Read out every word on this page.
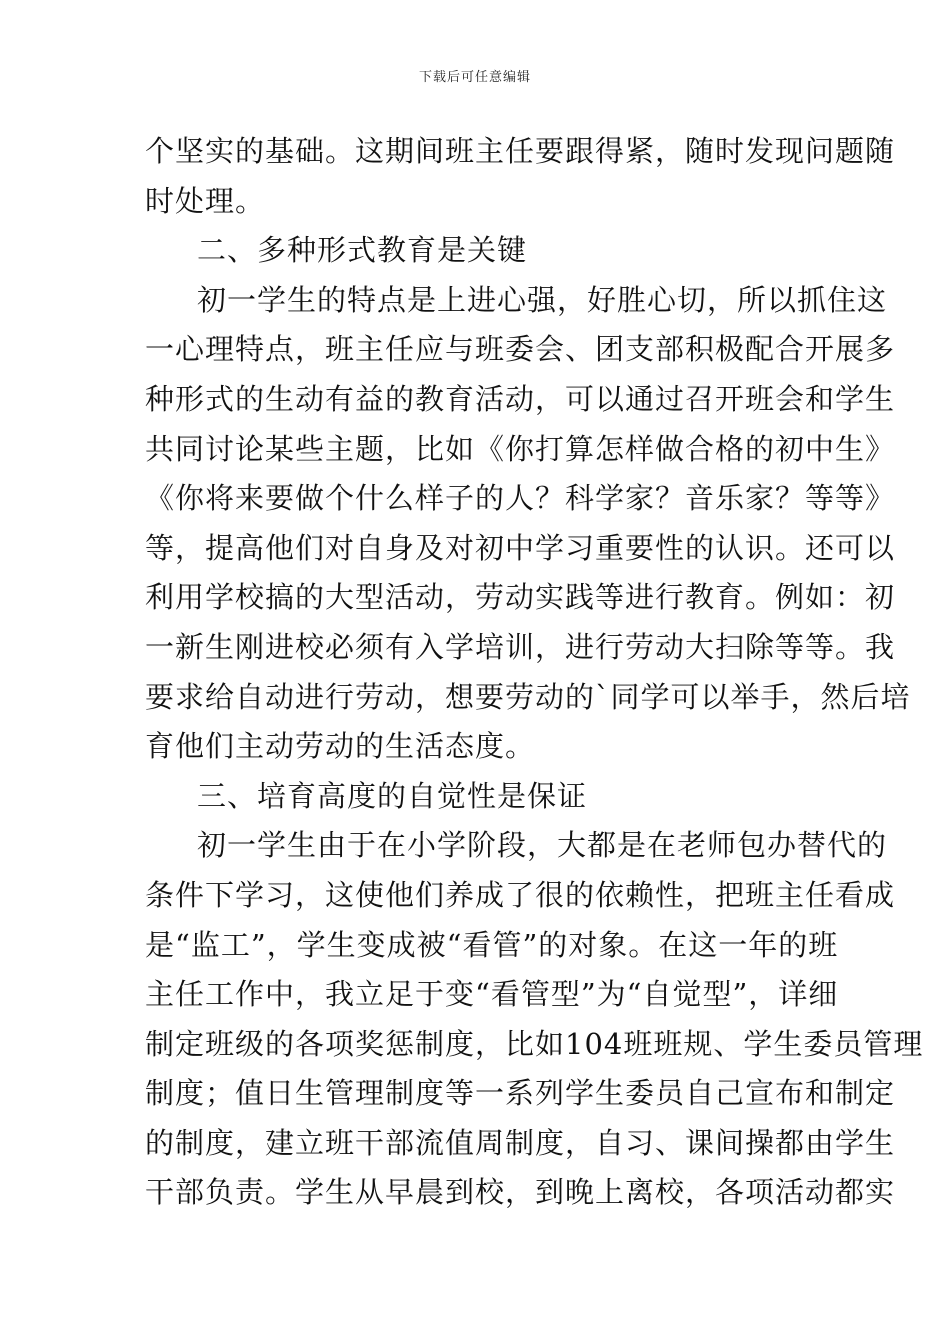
下载后可任意编辑
个坚实的基础。这期间班主任要跟得紧，随时发现问题随
时处理。
二、多种形式教育是关键
初一学生的特点是上进心强，好胜心切，所以抓住这
一心理特点，班主任应与班委会、团支部积极配合开展多
种形式的生动有益的教育活动，可以通过召开班会和学生
共同讨论某些主题，比如《你打算怎样做合格的初中生》
《你将来要做个什么样子的人？科学家？音乐家？等等》
等，提高他们对自身及对初中学习重要性的认识。还可以
利用学校搞的大型活动，劳动实践等进行教育。例如：初
一新生刚进校必须有入学培训，进行劳动大扫除等等。我
要求给自动进行劳动，想要劳动的`同学可以举手，然后培
育他们主动劳动的生活态度。
三、培育高度的自觉性是保证
初一学生由于在小学阶段，大都是在老师包办替代的
条件下学习，这使他们养成了很的依赖性，把班主任看成
是“监工”，学生变成被“看管”的对象。在这一年的班
主任工作中，我立足于变“看管型”为“自觉型”，详细
制定班级的各项奖惩制度，比如104班班规、学生委员管理
制度；值日生管理制度等一系列学生委员自己宣布和制定
的制度，建立班干部流值周制度，自习、课间操都由学生
干部负责。学生从早晨到校，到晚上离校，各项活动都实
